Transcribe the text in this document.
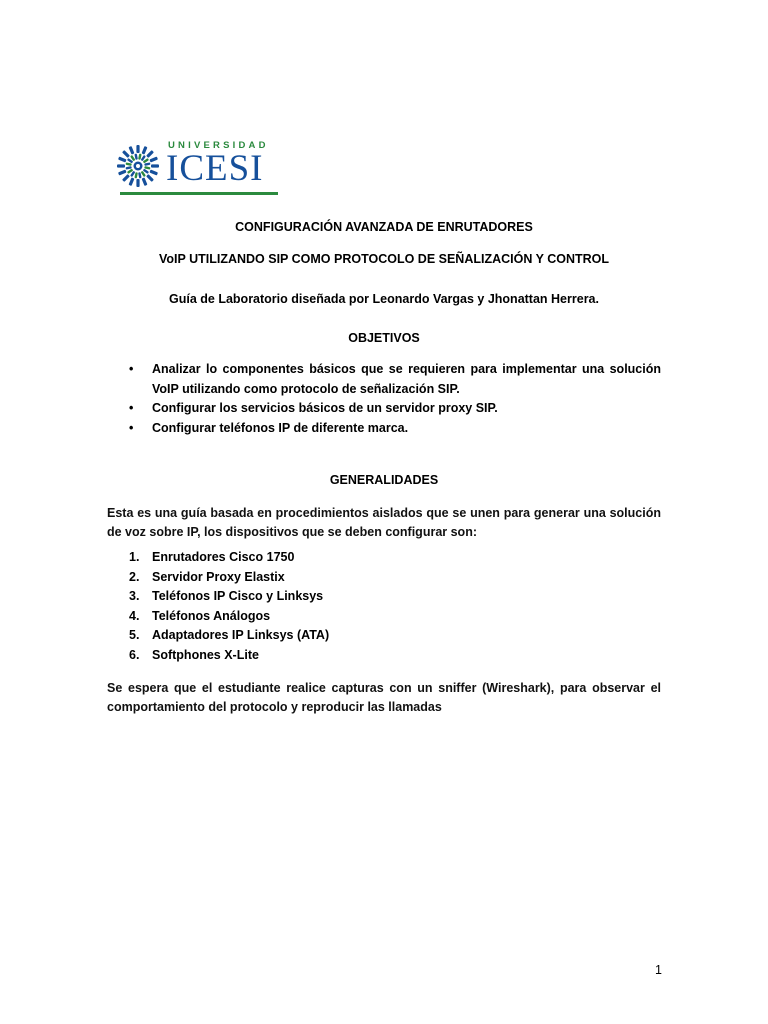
UNIVERSIDAD
ICESI
CONFIGURACIÓN AVANZADA DE ENRUTADORES
VoIP UTILIZANDO SIP COMO PROTOCOLO DE SEÑALIZACIÓN Y CONTROL
Guía de Laboratorio diseñada por Leonardo Vargas y Jhonattan Herrera.
OBJETIVOS
• Analizar lo componentes básicos que se requieren para implementar una solución VoIP utilizando como protocolo de señalización SIP.
• Configurar los servicios básicos de un servidor proxy SIP.
• Configurar teléfonos IP de diferente marca.
GENERALIDADES
Esta es una guía basada en procedimientos aislados que se unen para generar una solución de voz sobre IP, los dispositivos que se deben configurar son:
1. Enrutadores Cisco 1750
2. Servidor Proxy Elastix
3. Teléfonos IP Cisco y Linksys
4. Teléfonos Análogos
5. Adaptadores IP Linksys (ATA)
6. Softphones X-Lite
Se espera que el estudiante realice capturas con un sniffer (Wireshark), para observar el comportamiento del protocolo y reproducir las llamadas
1
